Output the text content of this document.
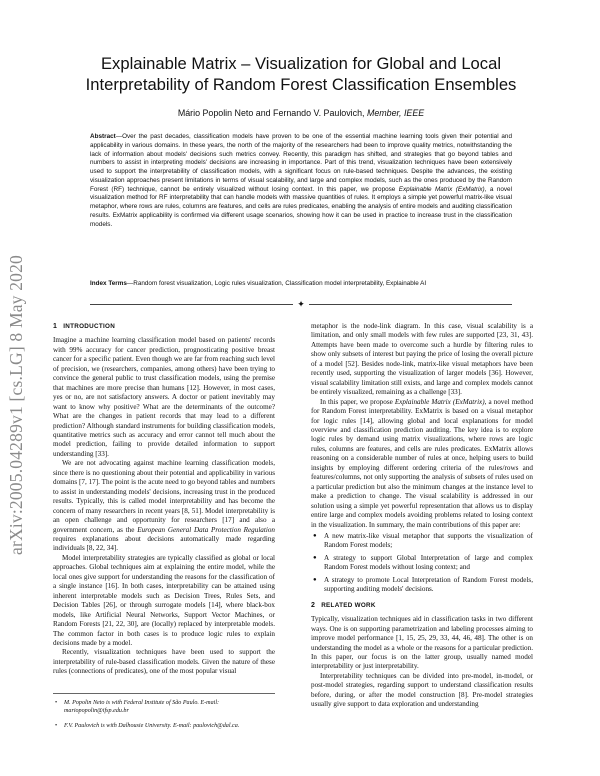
arXiv:2005.04289v1 [cs.LG] 8 May 2020
Explainable Matrix – Visualization for Global and Local Interpretability of Random Forest Classification Ensembles
Mário Popolin Neto and Fernando V. Paulovich, Member, IEEE
Abstract—Over the past decades, classification models have proven to be one of the essential machine learning tools given their potential and applicability in various domains. In these years, the north of the majority of the researchers had been to improve quality metrics, notwithstanding the lack of information about models' decisions such metrics convey. Recently, this paradigm has shifted, and strategies that go beyond tables and numbers to assist in interpreting models' decisions are increasing in importance. Part of this trend, visualization techniques have been extensively used to support the interpretability of classification models, with a significant focus on rule-based techniques. Despite the advances, the existing visualization approaches present limitations in terms of visual scalability, and large and complex models, such as the ones produced by the Random Forest (RF) technique, cannot be entirely visualized without losing context. In this paper, we propose Explainable Matrix (ExMatrix), a novel visualization method for RF interpretability that can handle models with massive quantities of rules. It employs a simple yet powerful matrix-like visual metaphor, where rows are rules, columns are features, and cells are rules predicates, enabling the analysis of entire models and auditing classification results. ExMatrix applicability is confirmed via different usage scenarios, showing how it can be used in practice to increase trust in the classification models.
Index Terms—Random forest visualization, Logic rules visualization, Classification model interpretability, Explainable AI
✦
1 INTRODUCTION

Imagine a machine learning classification model based on patients' records with 99% accuracy for cancer prediction, prognosticating positive breast cancer for a specific patient. Even though we are far from reaching such level of precision, we (researchers, companies, among others) have been trying to convince the general public to trust classification models, using the premise that machines are more precise than humans [12]. However, in most cases, yes or no, are not satisfactory answers. A doctor or patient inevitably may want to know why positive? What are the determinants of the outcome? What are the changes in patient records that may lead to a different prediction? Although standard instruments for building classification models, quantitative metrics such as accuracy and error cannot tell much about the model prediction, failing to provide detailed information to support understanding [33].

We are not advocating against machine learning classification models, since there is no questioning about their potential and applicability in various domains [7, 17]. The point is the acute need to go beyond tables and numbers to assist in understanding models' decisions, increasing trust in the produced results. Typically, this is called model interpretability and has become the concern of many researchers in recent years [8, 51]. Model interpretability is an open challenge and opportunity for researchers [17] and also a government concern, as the European General Data Protection Regulation requires explanations about decisions automatically made regarding individuals [8, 22, 34].

Model interpretability strategies are typically classified as global or local approaches. Global techniques aim at explaining the entire model, while the local ones give support for understanding the reasons for the classification of a single instance [16]. In both cases, interpretability can be attained using inherent interpretable models such as Decision Trees, Rules Sets, and Decision Tables [26], or through surrogate models [14], where black-box models, like Artificial Neural Networks, Support Vector Machines, or Random Forests [21, 22, 30], are (locally) replaced by interpretable models. The common factor in both cases is to produce logic rules to explain decisions made by a model.

Recently, visualization techniques have been used to support the interpretability of rule-based classification models. Given the nature of these rules (connections of predicates), one of the most popular visual

• M. Popolin Neto is with Federal Institute of São Paulo. E-mail:
mariopopolin@ifsp.edu.br
• F.V. Paulovich is with Dalhousie University. E-mail: paulovich@dal.ca.

metaphor is the node-link diagram. In this case, visual scalability is a limitation, and only small models with few rules are supported [23, 31, 43]. Attempts have been made to overcome such a hurdle by filtering rules to show only subsets of interest but paying the price of losing the overall picture of a model [52]. Besides node-link, matrix-like visual metaphors have been recently used, supporting the visualization of larger models [36]. However, visual scalability limitation still exists, and large and complex models cannot be entirely visualized, remaining as a challenge [33].

In this paper, we propose Explainable Matrix (ExMatrix), a novel method for Random Forest interpretability. ExMatrix is based on a visual metaphor for logic rules [14], allowing global and local explanations for model overview and classification prediction auditing. The key idea is to explore logic rules by demand using matrix visualizations, where rows are logic rules, columns are features, and cells are rules predicates. ExMatrix allows reasoning on a considerable number of rules at once, helping users to build insights by employing different ordering criteria of the rules/rows and features/columns, not only supporting the analysis of subsets of rules used on a particular prediction but also the minimum changes at the instance level to make a prediction to change. The visual scalability is addressed in our solution using a simple yet powerful representation that allows us to display entire large and complex models avoiding problems related to losing context in the visualization. In summary, the main contributions of this paper are:

● A new matrix-like visual metaphor that supports the visualization of Random Forest models;
● A strategy to support Global Interpretation of large and complex Random Forest models without losing context; and
● A strategy to promote Local Interpretation of Random Forest models, supporting auditing models' decisions.
2 RELATED WORK

Typically, visualization techniques aid in classification tasks in two different ways. One is on supporting parametrization and labeling processes aiming to improve model performance [1, 15, 25, 29, 33, 44, 46, 48]. The other is on understanding the model as a whole or the reasons for a particular prediction. In this paper, our focus is on the latter group, usually named model interpretability or just interpretability.

Interpretability techniques can be divided into pre-model, in-model, or post-model strategies, regarding support to understand classification results before, during, or after the model construction [8]. Pre-model strategies usually give support to data exploration and understanding
